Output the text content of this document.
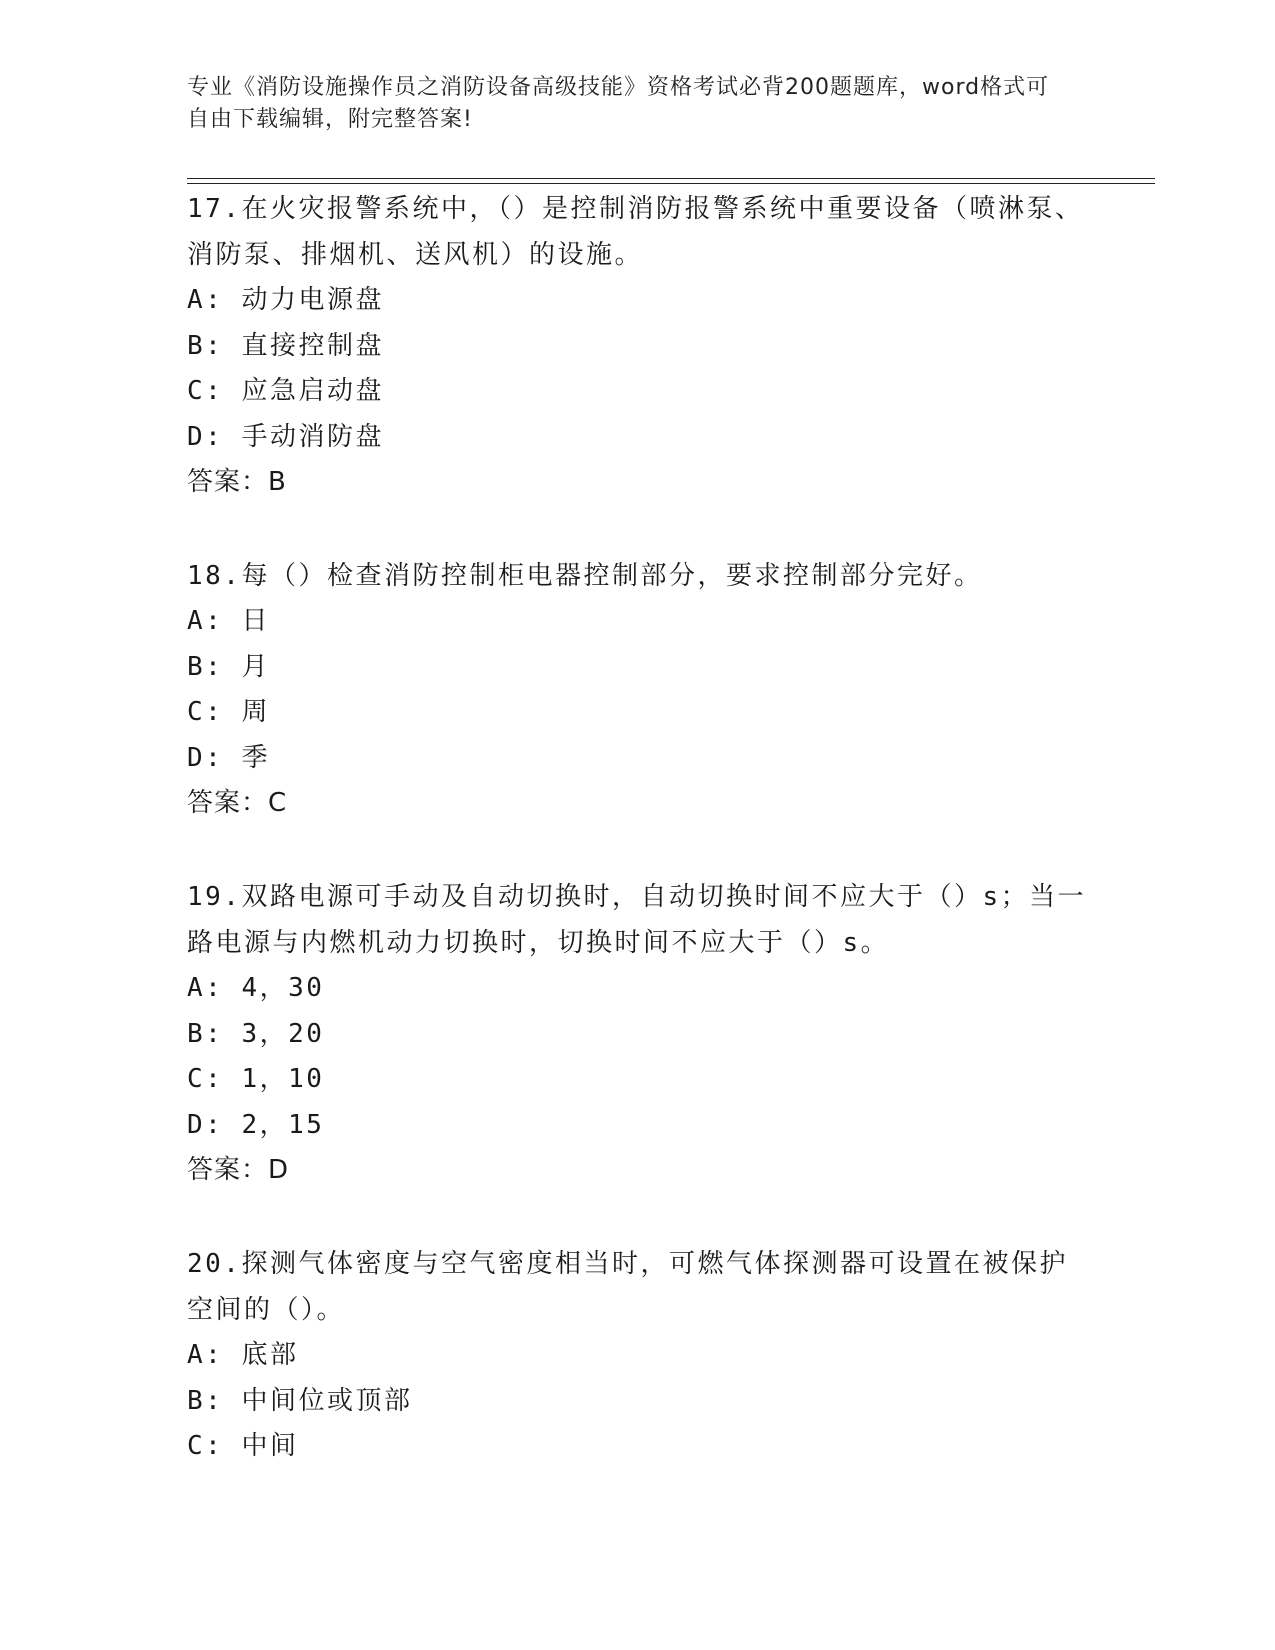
专业《消防设施操作员之消防设备高级技能》资格考试必背200题题库，word格式可自由下载编辑，附完整答案!

17.在火灾报警系统中，（）是控制消防报警系统中重要设备（喷淋泵、消防泵、排烟机、送风机）的设施。

A: 动力电源盘

B: 直接控制盘

C: 应急启动盘

D: 手动消防盘

答案：B

18.每（）检查消防控制柜电器控制部分，要求控制部分完好。

A: 日

B: 月

C: 周

D: 季

答案：C

19.双路电源可手动及自动切换时，自动切换时间不应大于（）s；当一路电源与内燃机动力切换时，切换时间不应大于（）s。

A: 4，30

B: 3，20

C: 1，10

D: 2，15

答案：D

20.探测气体密度与空气密度相当时，可燃气体探测器可设置在被保护空间的（）。

A: 底部

B: 中间位或顶部

C: 中间
